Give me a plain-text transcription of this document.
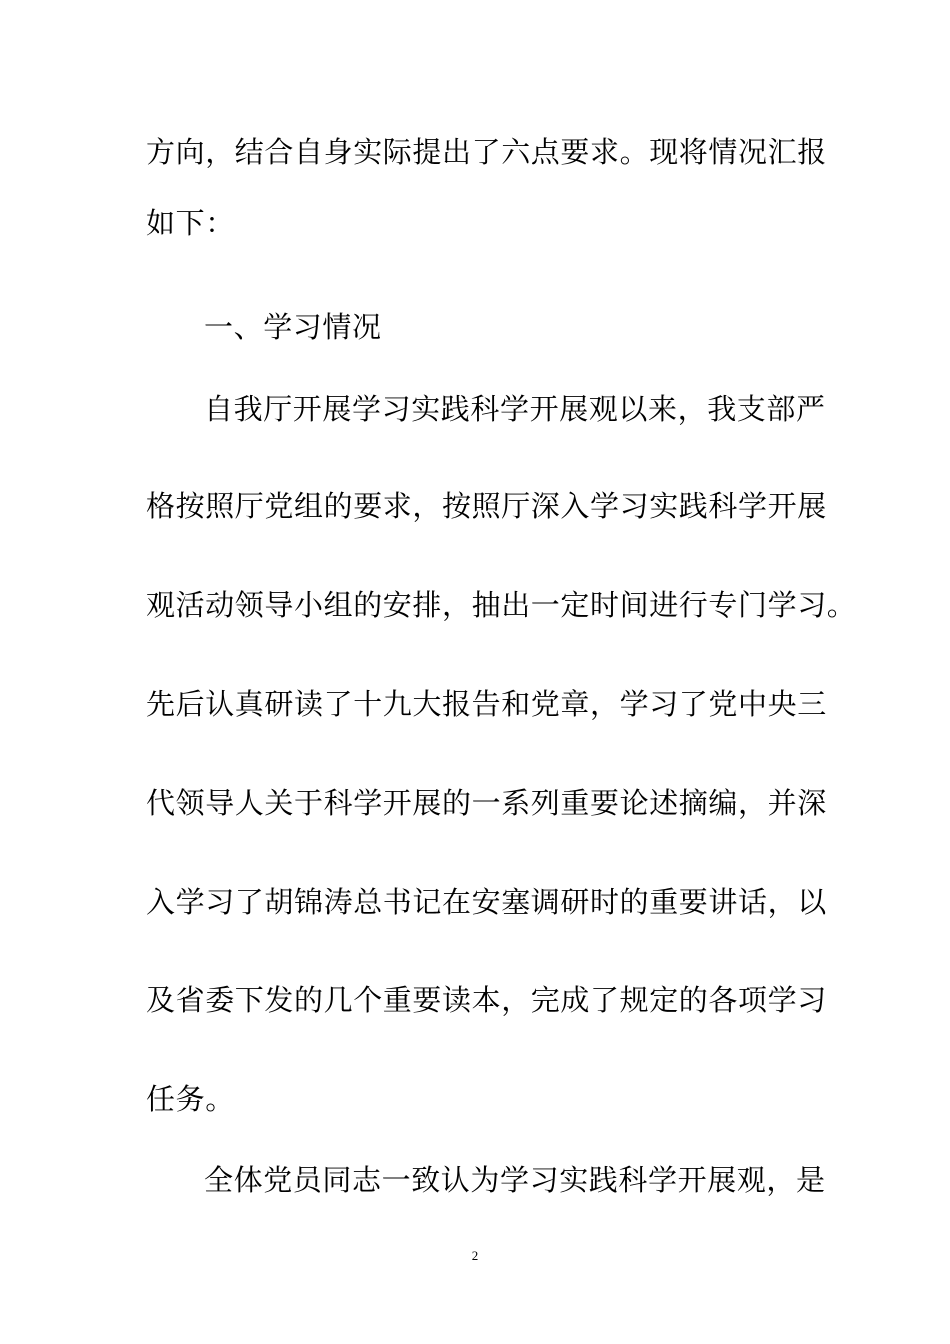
方向，结合自身实际提出了六点要求。现将情况汇报
如下：
一、学习情况
自我厅开展学习实践科学开展观以来，我支部严
格按照厅党组的要求，按照厅深入学习实践科学开展
观活动领导小组的安排，抽出一定时间进行专门学习。
先后认真研读了十九大报告和党章，学习了党中央三
代领导人关于科学开展的一系列重要论述摘编，并深
入学习了胡锦涛总书记在安塞调研时的重要讲话，以
及省委下发的几个重要读本，完成了规定的各项学习
任务。
全体党员同志一致认为学习实践科学开展观，是
2
